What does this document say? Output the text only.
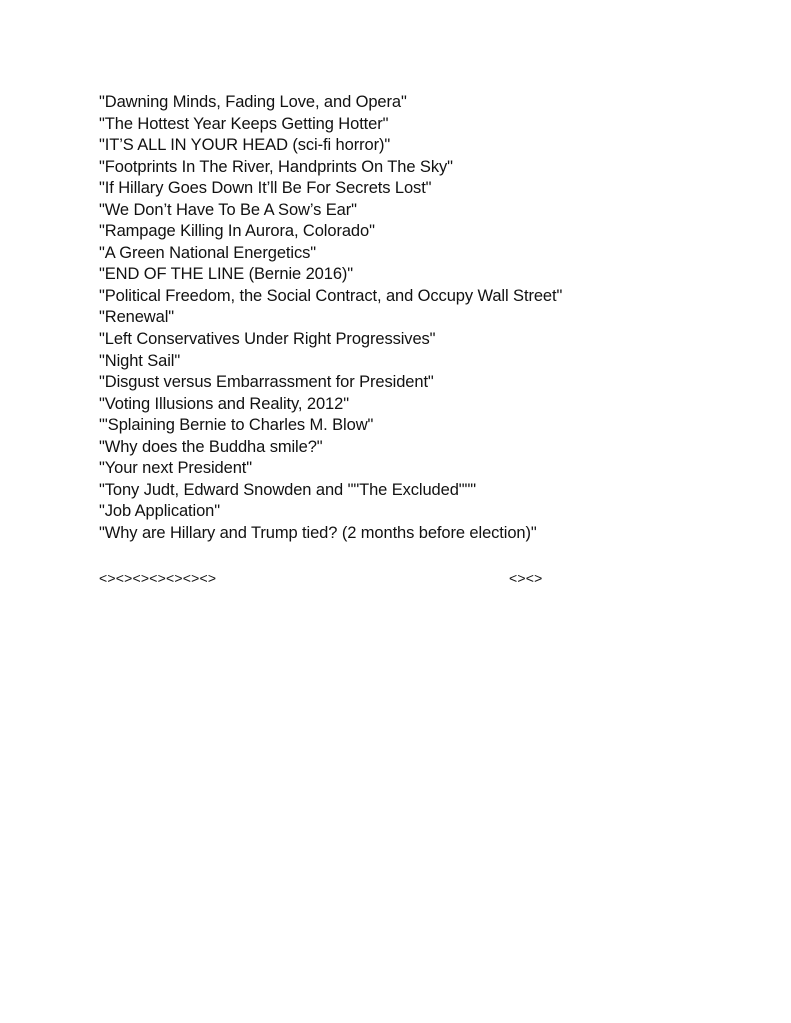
"Dawning Minds, Fading Love, and Opera"
"The Hottest Year Keeps Getting Hotter"
"IT’S ALL IN YOUR HEAD (sci-fi horror)"
"Footprints In The River, Handprints On The Sky"
"If Hillary Goes Down It’ll Be For Secrets Lost"
"We Don’t Have To Be A Sow’s Ear"
"Rampage Killing In Aurora, Colorado"
"A Green National Energetics"
"END OF THE LINE (Bernie 2016)"
"Political Freedom, the Social Contract, and Occupy Wall Street"
"Renewal"
"Left Conservatives Under Right Progressives"
"Night Sail"
"Disgust versus Embarrassment for President"
"Voting Illusions and Reality, 2012"
"'Splaining Bernie to Charles M. Blow"
"Why does the Buddha smile?"
"Your next President"
"Tony Judt, Edward Snowden and ""The Excluded"""
"Job Application"
"Why are Hillary and Trump tied? (2 months before election)"
<><><><><><><>	<><>
